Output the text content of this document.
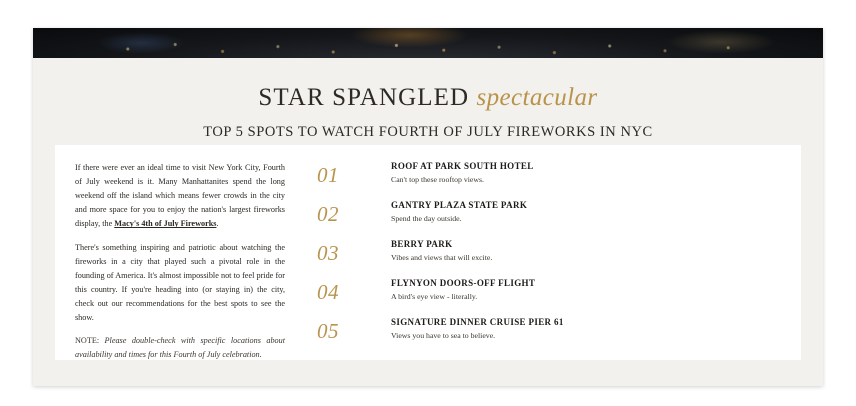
STAR SPANGLED spectacular
TOP 5 SPOTS TO WATCH FOURTH OF JULY FIREWORKS IN NYC

If there were ever an ideal time to visit New York City, Fourth of July weekend is it. Many Manhattanites spend the long weekend off the island which means fewer crowds in the city and more space for you to enjoy the nation's largest fireworks display, the Macy's 4th of July Fireworks.

There's something inspiring and patriotic about watching the fireworks in a city that played such a pivotal role in the founding of America. It's almost impossible not to feel pride for this country. If you're heading into (or staying in) the city, check out our recommendations for the best spots to see the show.

NOTE: Please double-check with specific locations about availability and times for this Fourth of July celebration.

01	ROOF AT PARK SOUTH HOTEL
Can't top these rooftop views.
02	GANTRY PLAZA STATE PARK
Spend the day outside.
03	BERRY PARK
Vibes and views that will excite.
04	FLYNYON DOORS-OFF FLIGHT
A bird's eye view - literally.
05	SIGNATURE DINNER CRUISE PIER 61
Views you have to sea to believe.
